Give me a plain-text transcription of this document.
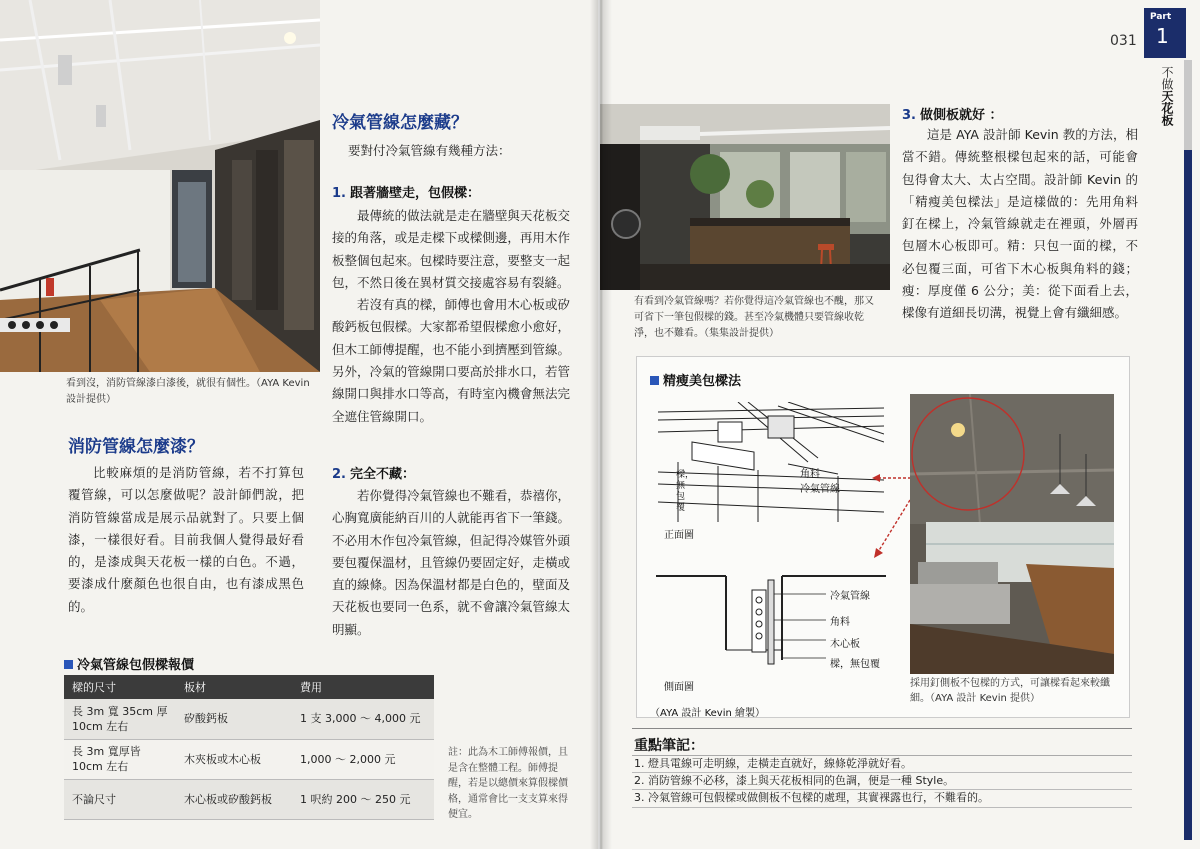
看到沒，消防管線漆白漆後，就很有個性。（AYA Kevin 設計提供）
冷氣管線怎麼藏？
要對付冷氣管線有幾種方法：
1. 跟著牆壁走，包假樑：

最傳統的做法就是走在牆壁與天花板交接的角落，或是走樑下或樑側邊，再用木作板整個包起來。包樑時要注意，要整支一起包，不然日後在異材質交接處容易有裂縫。

若沒有真的樑，師傅也會用木心板或矽酸鈣板包假樑。大家都希望假樑愈小愈好，但木工師傅提醒，也不能小到擠壓到管線。另外，冷氣的管線開口要高於排水口，若管線開口與排水口等高，有時室內機會無法完全遮住管線開口。

2. 完全不藏：

若你覺得冷氣管線也不難看，恭禧你，心胸寬廣能納百川的人就能再省下一筆錢。不必用木作包冷氣管線，但記得冷媒管外頭要包覆保溫材，且管線仍要固定好，走橫或直的線條。因為保溫材都是白色的，壁面及天花板也要同一色系，就不會讓冷氣管線太明顯。

消防管線怎麼漆？

比較麻煩的是消防管線，若不打算包覆管線，可以怎麼做呢？設計師們說，把消防管線當成是展示品就對了。只要上個漆，一樣很好看。目前我個人覺得最好看的，是漆成與天花板一樣的白色。不過，要漆成什麼顏色也很自由，也有漆成黑色的。

冷氣管線包假樑報價
樑的尺寸	板材	費用
長 3m 寬 35cm 厚 10cm 左右	矽酸鈣板	1 支 3,000 ～ 4,000 元
長 3m 寬厚皆 10cm 左右	木夾板或木心板	1,000 ～ 2,000 元
不論尺寸	木心板或矽酸鈣板	1 呎約 200 ～ 250 元
註：此為木工師傅報價，且是含在整體工程。師傅提醒，若是以總價來算假樑價格，通常會比一支支算來得便宜。
有看到冷氣管線嗎？若你覺得這冷氣管線也不醜，那又可省下一筆包假樑的錢。甚至冷氣機體只要管線收乾淨，也不難看。（集集設計提供）
031
Part
1
不做天花板
3. 做側板就好 ：

這是 AYA 設計師 Kevin 教的方法，相當不錯。傳統整根樑包起來的話，可能會包得會太大、太占空間。設計師 Kevin 的「精瘦美包樑法」是這樣做的：先用角料釘在樑上，冷氣管線就走在裡頭，外層再包層木心板即可。精：只包一面的樑，不必包覆三面，可省下木心板與角料的錢；瘦：厚度僅 6 公分；美：從下面看上去，樑像有道細長切溝，視覺上會有纖細感。

精瘦美包樑法
正面圖
樑，無包覆
角料
冷氣管線
冷氣管線
角料
木心板
樑，無包覆
側面圖
（AYA 設計 Kevin 繪製）
採用釘側板不包樑的方式，可讓樑看起來較纖細。（AYA 設計 Kevin 提供）
重點筆記：
1. 燈具電線可走明線，走橫走直就好，線條乾淨就好看。
2. 消防管線不必移，漆上與天花板相同的色調，便是一種 Style。
3. 冷氣管線可包假樑或做側板不包樑的處理，其實裸露也行，不難看的。
